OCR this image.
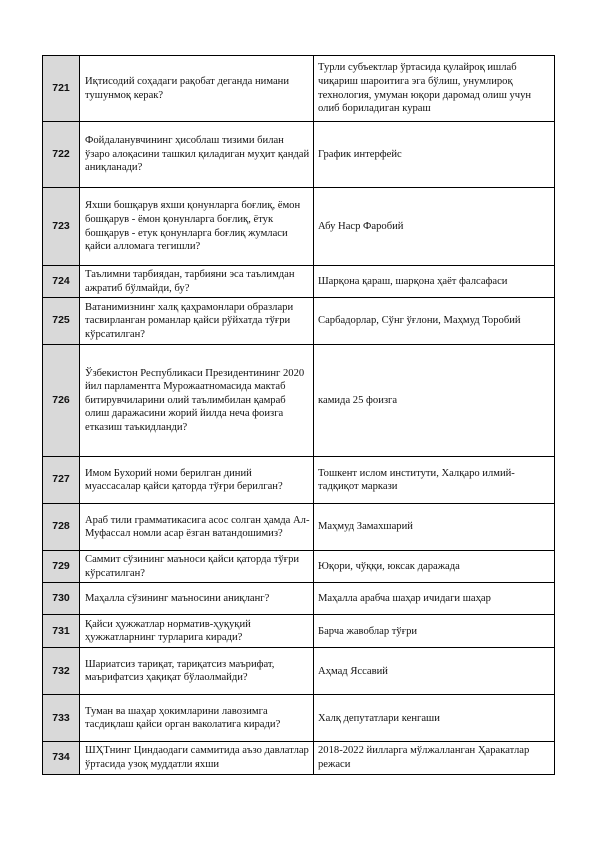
721	Иқтисодий соҳадаги рақобат деганда нимани тушунмоқ керак?	Турли субъектлар ўртасида қулайроқ ишлаб чиқариш шароитига эга бўлиш, унумлироқ технология, умуман юқори даромад олиш учун олиб бориладиган кураш
722	Фойдаланувчининг ҳисоблаш тизими билан ўзаро алоқасини ташкил қиладиган муҳит қандай аниқланади?	График интерфейс
723	Яхши бошқарув яхши қонунларга боғлиқ, ёмон бошқарув - ёмон қонунларга боғлиқ, ётук бошқарув - етук қонунларга боғлиқ жумласи қайси алломага тегишли?	Абу Наср Фаробий
724	Таълимни тарбиядан, тарбияни эса таълимдан ажратиб бўлмайди, бу?	Шарқона қараш, шарқона ҳаёт фалсафаси
725	Ватанимизнинг халқ қаҳрамонлари образлари тасвирланган романлар қайси рўйхатда тўғри кўрсатилган?	Сарбадорлар, Сўнг ўғлони, Маҳмуд Торобий
726	Ўзбекистон Республикаси Президентининг 2020 йил парламентга Мурожаатномасида мактаб битирувчиларини олий таълимбилан қамраб олиш даражасини жорий йилда неча фоизга етказиш таъкидланди?	камида 25 фоизга
727	Имом Бухорий номи берилган диний муассасалар қайси қаторда тўғри берилган?	Тошкент ислом институти, Халқаро илмий-тадқиқот маркази
728	Араб тили грамматикасига асос солган ҳамда Ал-Муфассал номли асар ёзган ватандошимиз?	Маҳмуд Замахшарий
729	Саммит сўзининг маъноси қайси қаторда тўғри кўрсатилган?	Юқори, чўққи, юксак даражада
730	Маҳалла сўзининг маъносини аниқланг?	Маҳалла арабча шаҳар ичидаги шаҳар
731	Қайси ҳужжатлар норматив-ҳуқуқий ҳужжатларнинг турларига киради?	Барча жавоблар тўғри
732	Шариатсиз тариқат, тариқатсиз маърифат, маърифатсиз ҳақиқат бўлаолмайди?	Аҳмад Яссавий
733	Туман ва шаҳар ҳокимларини лавозимга тасдиқлаш қайси орган ваколатига киради?	Халқ депутатлари кенгаши
734	ШҲТнинг Циндаодаги саммитида аъзо давлатлар ўртасида узоқ муддатли яхши	2018-2022 йилларга мўлжалланган Ҳаракатлар режаси
